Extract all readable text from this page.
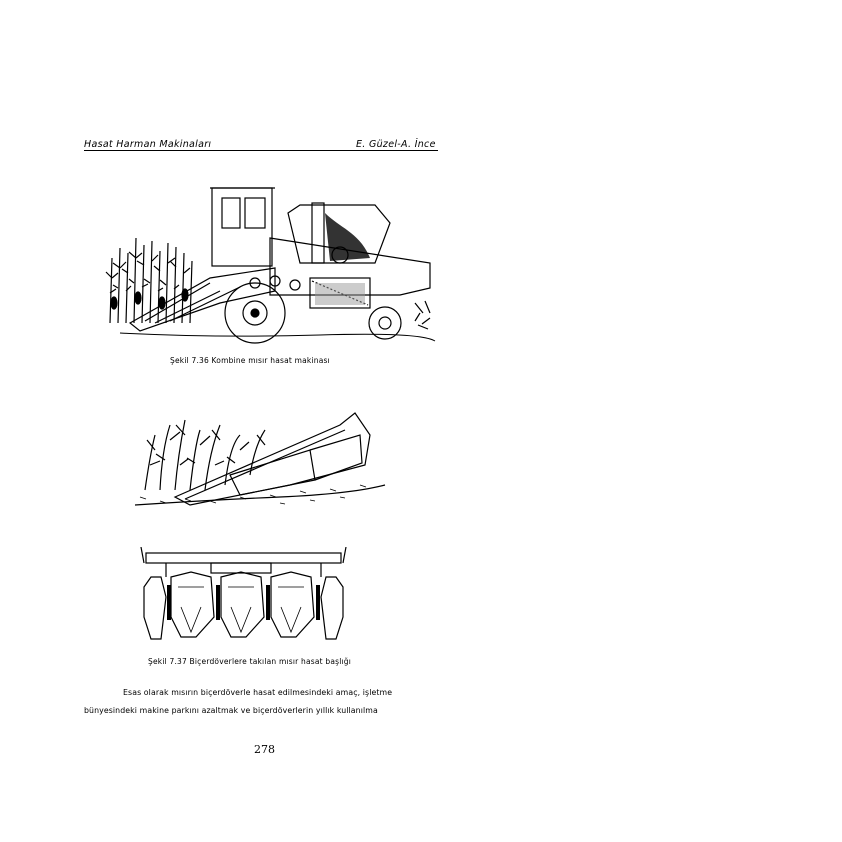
Hasat Harman Makinaları	E. Güzel-A. İnce
Şekil 7.36 Kombine mısır hasat makinası
Şekil 7.37 Biçerdöverlere takılan mısır hasat başlığı
Esas olarak mısırın biçerdöverle hasat edilmesindeki amaç, işletme
bünyesindeki makine parkını azaltmak ve biçerdöverlerin yıllık kullanılma
278
